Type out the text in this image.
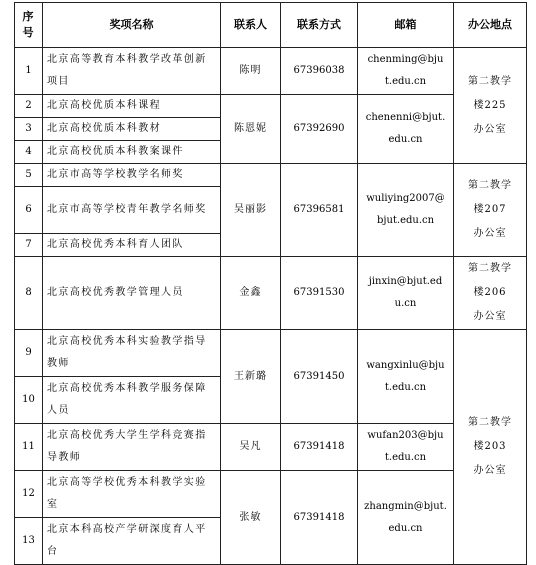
序号	奖项名称	联系人	联系方式	邮箱	办公地点
1	北京高等教育本科教学改革创新项目	陈明	67396038	chenming@bjut.edu.cn	第二教学楼225办公室
2	北京高校优质本科课程	陈恩妮	67392690	chenenni@bjut.edu.cn	
3	北京高校优质本科教材				
4	北京高校优质本科教案课件				
5	北京市高等学校教学名师奖	吴丽影	67396581	wuliying2007@bjut.edu.cn	第二教学楼207办公室
6	北京市高等学校青年教学名师奖				
7	北京高校优秀本科育人团队				
8	北京高校优秀教学管理人员	金鑫	67391530	jinxin@bjut.edu.cn	第二教学楼206办公室
9	北京高校优秀本科实验教学指导教师	王新璐	67391450	wangxinlu@bjut.edu.cn	第二教学楼203办公室
10	北京高校优秀本科教学服务保障人员				
11	北京高校优秀大学生学科竞赛指导教师	吴凡	67391418	wufan203@bjut.edu.cn	
12	北京高等学校优秀本科教学实验室	张敏	67391418	zhangmin@bjut.edu.cn	
13	北京本科高校产学研深度育人平台				
